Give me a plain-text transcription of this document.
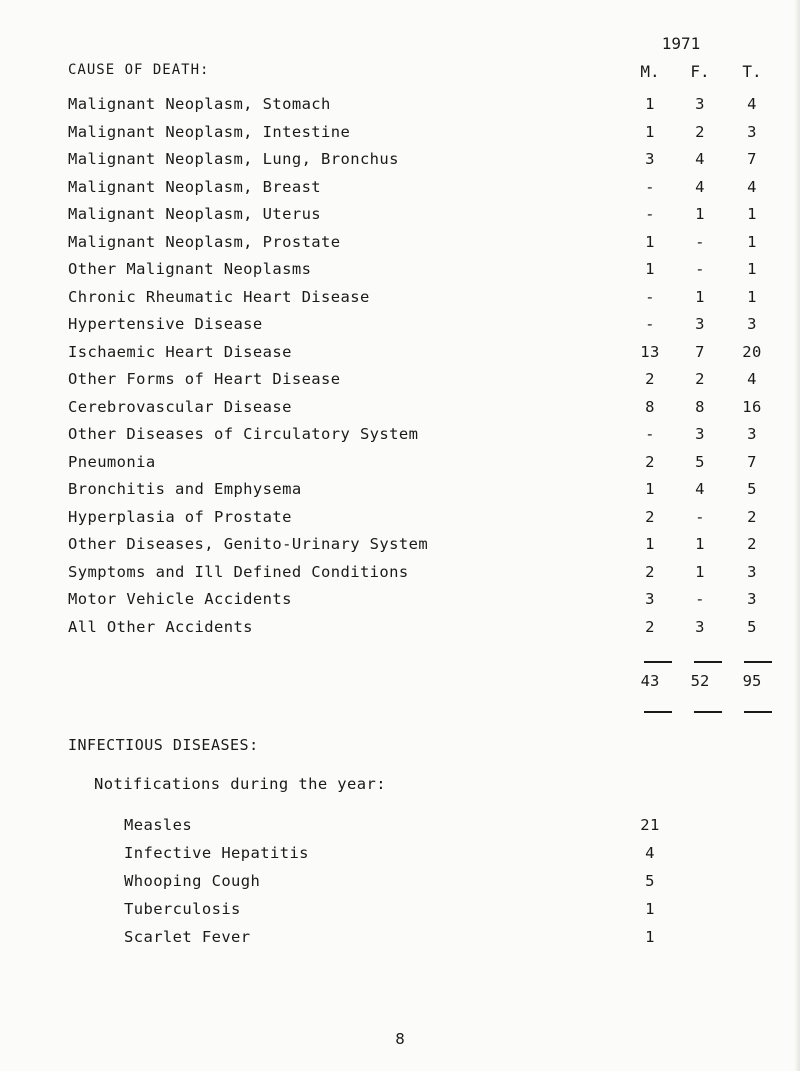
1971
CAUSE OF DEATH:	M.	F.	T.
Malignant Neoplasm, Stomach	1	3	4
Malignant Neoplasm, Intestine	1	2	3
Malignant Neoplasm, Lung, Bronchus	3	4	7
Malignant Neoplasm, Breast	-	4	4
Malignant Neoplasm, Uterus	-	1	1
Malignant Neoplasm, Prostate	1	-	1
Other Malignant Neoplasms	1	-	1
Chronic Rheumatic Heart Disease	-	1	1
Hypertensive Disease	-	3	3
Ischaemic Heart Disease	13	7	20
Other Forms of Heart Disease	2	2	4
Cerebrovascular Disease	8	8	16
Other Diseases of Circulatory System	-	3	3
Pneumonia	2	5	7
Bronchitis and Emphysema	1	4	5
Hyperplasia of Prostate	2	-	2
Other Diseases, Genito-Urinary System	1	1	2
Symptoms and Ill Defined Conditions	2	1	3
Motor Vehicle Accidents	3	-	3
All Other Accidents	2	3	5
43	52	95
INFECTIOUS DISEASES:
Notifications during the year:
Measles	21
Infective Hepatitis	4
Whooping Cough	5
Tuberculosis	1
Scarlet Fever	1
8
